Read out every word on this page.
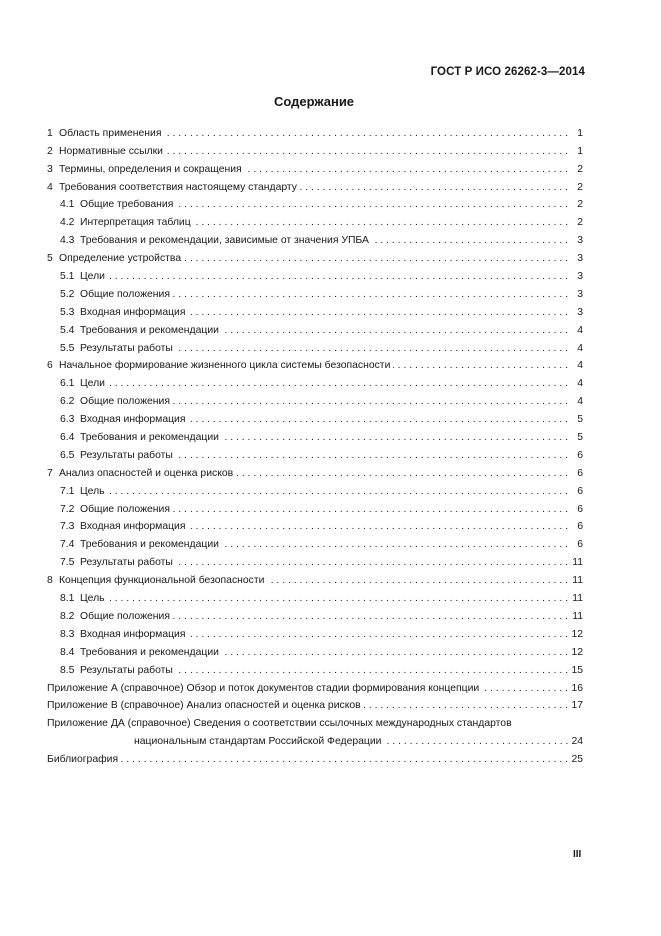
ГОСТ Р ИСО 26262-3—2014
Содержание
1 Область применения . . .	1
2 Нормативные ссылки . . .	1
3 Термины, определения и сокращения . . .	2
4 Требования соответствия настоящему стандарту . . .	2
4.1 Общие требования . . .	2
4.2 Интерпретация таблиц . . .	2
4.3 Требования и рекомендации, зависимые от значения УПБА . . .	3
5 Определение устройства . . .	3
5.1 Цели . . .	3
5.2 Общие положения . . .	3
5.3 Входная информация . . .	3
5.4 Требования и рекомендации . . .	4
5.5 Результаты работы . . .	4
6 Начальное формирование жизненного цикла системы безопасности . . .	4
6.1 Цели . . .	4
6.2 Общие положения . . .	4
6.3 Входная информация . . .	5
6.4 Требования и рекомендации . . .	5
6.5 Результаты работы . . .	6
7 Анализ опасностей и оценка рисков . . .	6
7.1 Цель . . .	6
7.2 Общие положения . . .	6
7.3 Входная информация . . .	6
7.4 Требования и рекомендации . . .	6
7.5 Результаты работы . . .	11
8 Концепция функциональной безопасности . . .	11
8.1 Цель . . .	11
8.2 Общие положения . . .	11
8.3 Входная информация . . .	12
8.4 Требования и рекомендации . . .	12
8.5 Результаты работы . . .	15
Приложение А (справочное) Обзор и поток документов стадии формирования концепции . . .	16
Приложение В (справочное) Анализ опасностей и оценка рисков . . .	17
Приложение ДА (справочное) Сведения о соответствии ссылочных международных стандартов
национальным стандартам Российской Федерации . . .	24
Библиография . . .	25
III
